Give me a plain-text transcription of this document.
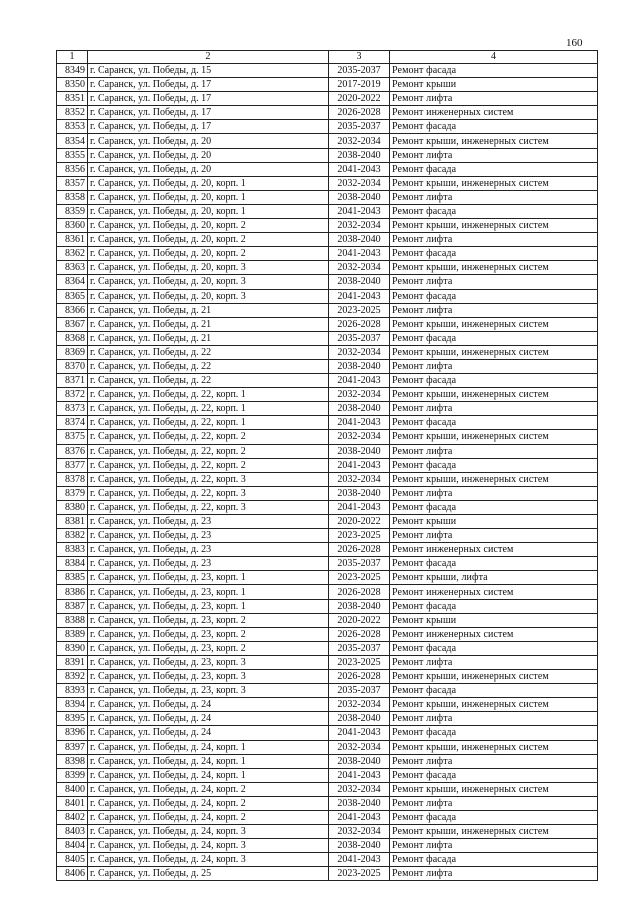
160
1	2	3	4
8349	г. Саранск, ул. Победы, д. 15	2035-2037	Ремонт фасада
8350	г. Саранск, ул. Победы, д. 17	2017-2019	Ремонт крыши
8351	г. Саранск, ул. Победы, д. 17	2020-2022	Ремонт лифта
8352	г. Саранск, ул. Победы, д. 17	2026-2028	Ремонт инженерных систем
8353	г. Саранск, ул. Победы, д. 17	2035-2037	Ремонт фасада
8354	г. Саранск, ул. Победы, д. 20	2032-2034	Ремонт крыши, инженерных систем
8355	г. Саранск, ул. Победы, д. 20	2038-2040	Ремонт лифта
8356	г. Саранск, ул. Победы, д. 20	2041-2043	Ремонт фасада
8357	г. Саранск, ул. Победы, д. 20, корп. 1	2032-2034	Ремонт крыши, инженерных систем
8358	г. Саранск, ул. Победы, д. 20, корп. 1	2038-2040	Ремонт лифта
8359	г. Саранск, ул. Победы, д. 20, корп. 1	2041-2043	Ремонт фасада
8360	г. Саранск, ул. Победы, д. 20, корп. 2	2032-2034	Ремонт крыши, инженерных систем
8361	г. Саранск, ул. Победы, д. 20, корп. 2	2038-2040	Ремонт лифта
8362	г. Саранск, ул. Победы, д. 20, корп. 2	2041-2043	Ремонт фасада
8363	г. Саранск, ул. Победы, д. 20, корп. 3	2032-2034	Ремонт крыши, инженерных систем
8364	г. Саранск, ул. Победы, д. 20, корп. 3	2038-2040	Ремонт лифта
8365	г. Саранск, ул. Победы, д. 20, корп. 3	2041-2043	Ремонт фасада
8366	г. Саранск, ул. Победы, д. 21	2023-2025	Ремонт лифта
8367	г. Саранск, ул. Победы, д. 21	2026-2028	Ремонт крыши, инженерных систем
8368	г. Саранск, ул. Победы, д. 21	2035-2037	Ремонт фасада
8369	г. Саранск, ул. Победы, д. 22	2032-2034	Ремонт крыши, инженерных систем
8370	г. Саранск, ул. Победы, д. 22	2038-2040	Ремонт лифта
8371	г. Саранск, ул. Победы, д. 22	2041-2043	Ремонт фасада
8372	г. Саранск, ул. Победы, д. 22, корп. 1	2032-2034	Ремонт крыши, инженерных систем
8373	г. Саранск, ул. Победы, д. 22, корп. 1	2038-2040	Ремонт лифта
8374	г. Саранск, ул. Победы, д. 22, корп. 1	2041-2043	Ремонт фасада
8375	г. Саранск, ул. Победы, д. 22, корп. 2	2032-2034	Ремонт крыши, инженерных систем
8376	г. Саранск, ул. Победы, д. 22, корп. 2	2038-2040	Ремонт лифта
8377	г. Саранск, ул. Победы, д. 22, корп. 2	2041-2043	Ремонт фасада
8378	г. Саранск, ул. Победы, д. 22, корп. 3	2032-2034	Ремонт крыши, инженерных систем
8379	г. Саранск, ул. Победы, д. 22, корп. 3	2038-2040	Ремонт лифта
8380	г. Саранск, ул. Победы, д. 22, корп. 3	2041-2043	Ремонт фасада
8381	г. Саранск, ул. Победы, д. 23	2020-2022	Ремонт крыши
8382	г. Саранск, ул. Победы, д. 23	2023-2025	Ремонт лифта
8383	г. Саранск, ул. Победы, д. 23	2026-2028	Ремонт инженерных систем
8384	г. Саранск, ул. Победы, д. 23	2035-2037	Ремонт фасада
8385	г. Саранск, ул. Победы, д. 23, корп. 1	2023-2025	Ремонт крыши, лифта
8386	г. Саранск, ул. Победы, д. 23, корп. 1	2026-2028	Ремонт инженерных систем
8387	г. Саранск, ул. Победы, д. 23, корп. 1	2038-2040	Ремонт фасада
8388	г. Саранск, ул. Победы, д. 23, корп. 2	2020-2022	Ремонт крыши
8389	г. Саранск, ул. Победы, д. 23, корп. 2	2026-2028	Ремонт инженерных систем
8390	г. Саранск, ул. Победы, д. 23, корп. 2	2035-2037	Ремонт фасада
8391	г. Саранск, ул. Победы, д. 23, корп. 3	2023-2025	Ремонт лифта
8392	г. Саранск, ул. Победы, д. 23, корп. 3	2026-2028	Ремонт крыши, инженерных систем
8393	г. Саранск, ул. Победы, д. 23, корп. 3	2035-2037	Ремонт фасада
8394	г. Саранск, ул. Победы, д. 24	2032-2034	Ремонт крыши, инженерных систем
8395	г. Саранск, ул. Победы, д. 24	2038-2040	Ремонт лифта
8396	г. Саранск, ул. Победы, д. 24	2041-2043	Ремонт фасада
8397	г. Саранск, ул. Победы, д. 24, корп. 1	2032-2034	Ремонт крыши, инженерных систем
8398	г. Саранск, ул. Победы, д. 24, корп. 1	2038-2040	Ремонт лифта
8399	г. Саранск, ул. Победы, д. 24, корп. 1	2041-2043	Ремонт фасада
8400	г. Саранск, ул. Победы, д. 24, корп. 2	2032-2034	Ремонт крыши, инженерных систем
8401	г. Саранск, ул. Победы, д. 24, корп. 2	2038-2040	Ремонт лифта
8402	г. Саранск, ул. Победы, д. 24, корп. 2	2041-2043	Ремонт фасада
8403	г. Саранск, ул. Победы, д. 24, корп. 3	2032-2034	Ремонт крыши, инженерных систем
8404	г. Саранск, ул. Победы, д. 24, корп. 3	2038-2040	Ремонт лифта
8405	г. Саранск, ул. Победы, д. 24, корп. 3	2041-2043	Ремонт фасада
8406	г. Саранск, ул. Победы, д. 25	2023-2025	Ремонт лифта
